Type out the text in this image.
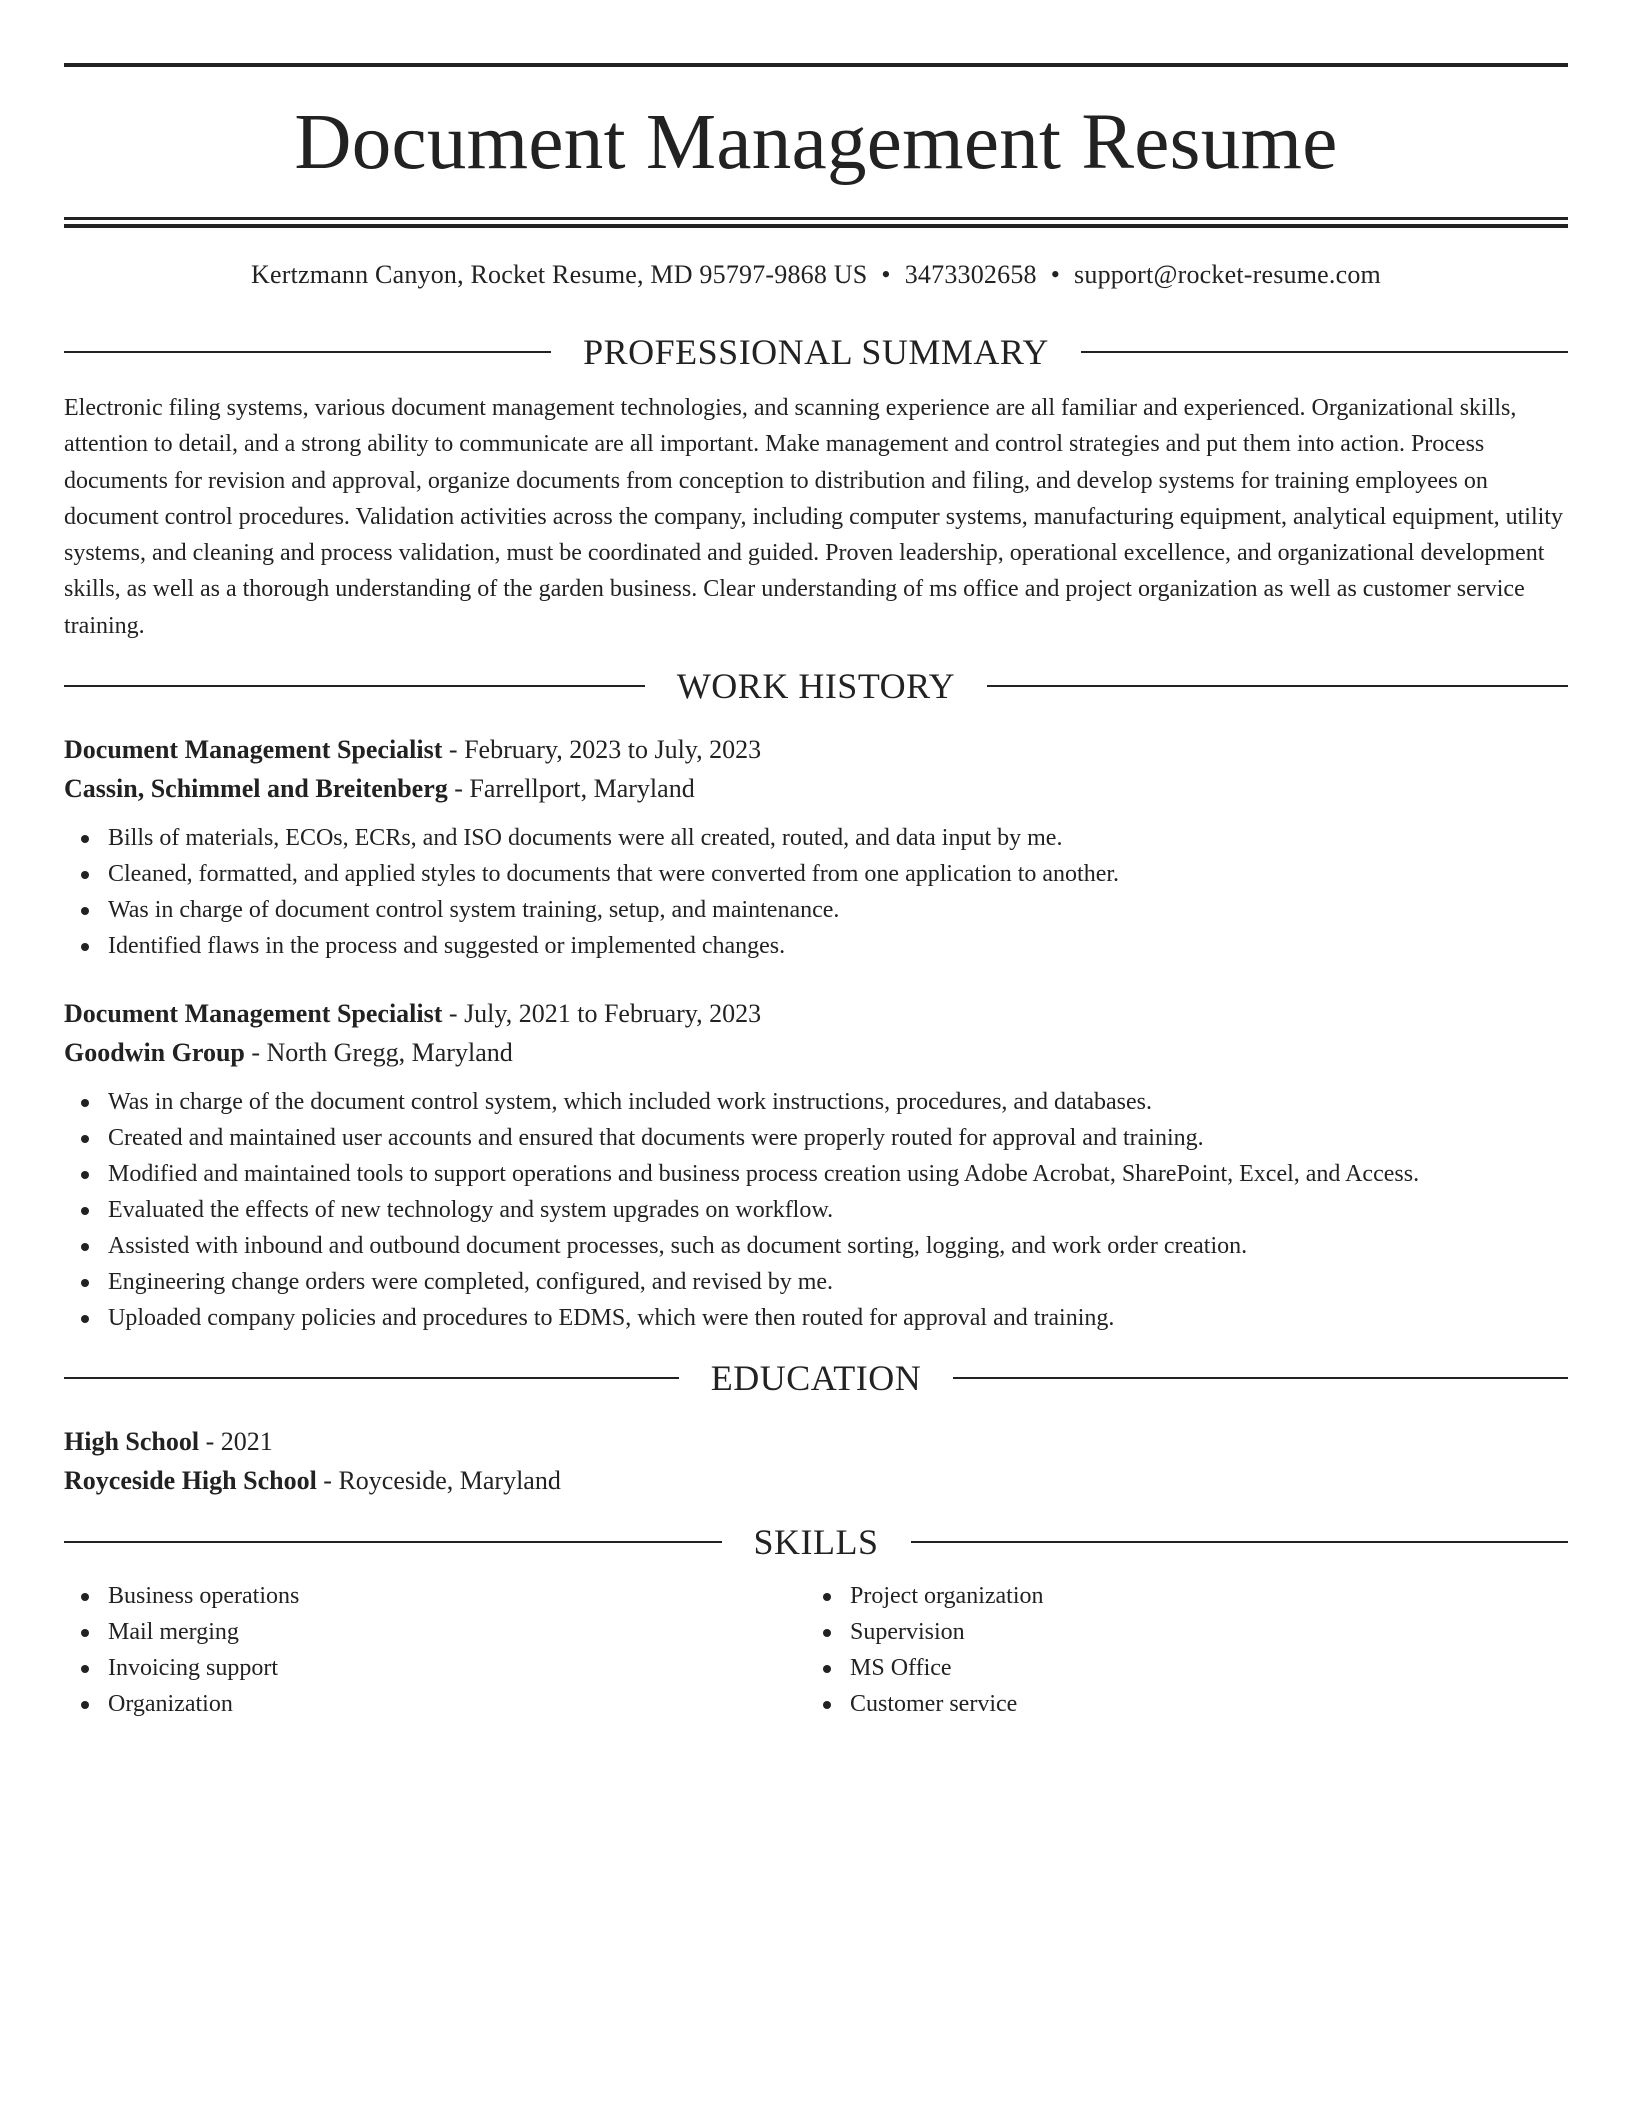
Document Management Resume
Kertzmann Canyon, Rocket Resume, MD 95797-9868 US • 3473302658 • support@rocket-resume.com
PROFESSIONAL SUMMARY
Electronic filing systems, various document management technologies, and scanning experience are all familiar and experienced. Organizational skills, attention to detail, and a strong ability to communicate are all important. Make management and control strategies and put them into action. Process documents for revision and approval, organize documents from conception to distribution and filing, and develop systems for training employees on document control procedures. Validation activities across the company, including computer systems, manufacturing equipment, analytical equipment, utility systems, and cleaning and process validation, must be coordinated and guided. Proven leadership, operational excellence, and organizational development skills, as well as a thorough understanding of the garden business. Clear understanding of ms office and project organization as well as customer service training.
WORK HISTORY
Document Management Specialist - February, 2023 to July, 2023
Cassin, Schimmel and Breitenberg - Farrellport, Maryland
Bills of materials, ECOs, ECRs, and ISO documents were all created, routed, and data input by me.
Cleaned, formatted, and applied styles to documents that were converted from one application to another.
Was in charge of document control system training, setup, and maintenance.
Identified flaws in the process and suggested or implemented changes.
Document Management Specialist - July, 2021 to February, 2023
Goodwin Group - North Gregg, Maryland
Was in charge of the document control system, which included work instructions, procedures, and databases.
Created and maintained user accounts and ensured that documents were properly routed for approval and training.
Modified and maintained tools to support operations and business process creation using Adobe Acrobat, SharePoint, Excel, and Access.
Evaluated the effects of new technology and system upgrades on workflow.
Assisted with inbound and outbound document processes, such as document sorting, logging, and work order creation.
Engineering change orders were completed, configured, and revised by me.
Uploaded company policies and procedures to EDMS, which were then routed for approval and training.
EDUCATION
High School - 2021
Royceside High School - Royceside, Maryland
SKILLS
Business operations
Mail merging
Invoicing support
Organization
Project organization
Supervision
MS Office
Customer service
